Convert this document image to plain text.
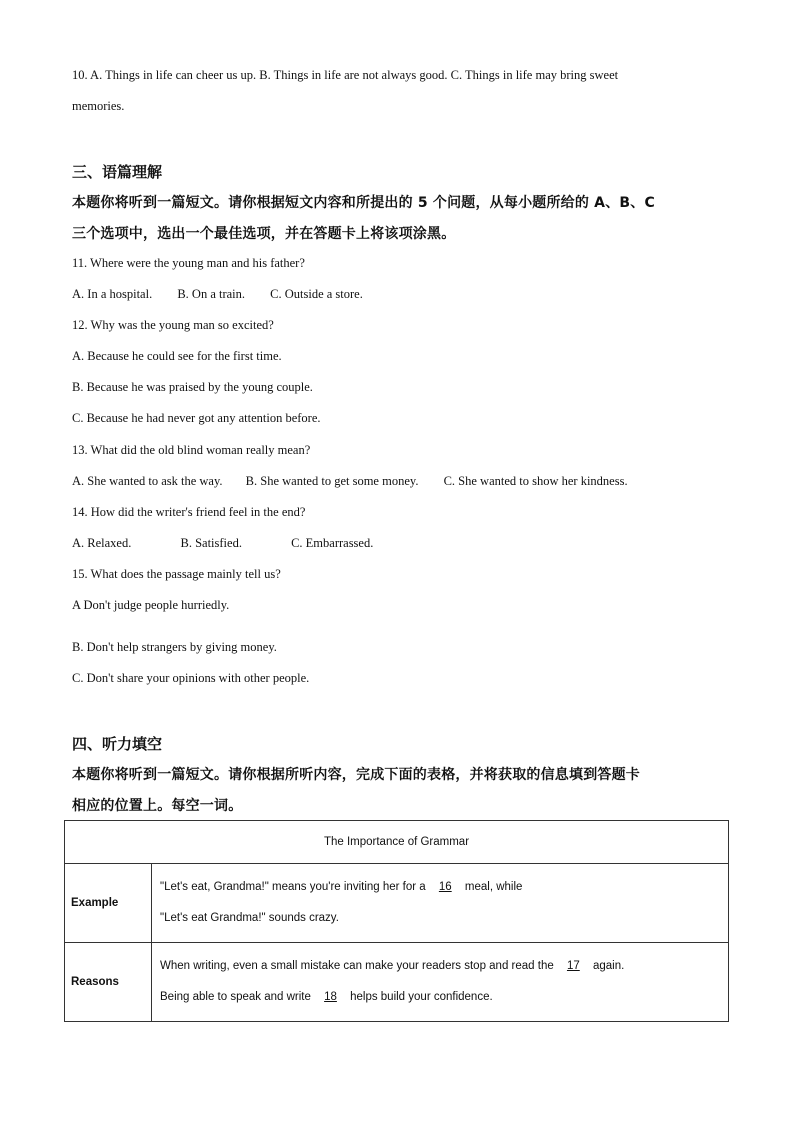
10. A. Things in life can cheer us up. B. Things in life are not always good. C. Things in life may bring sweet
memories.
三、语篇理解
本题你将听到一篇短文。请你根据短文内容和所提出的 5 个问题，从每小题所给的 A、B、C
三个选项中，选出一个最佳选项，并在答题卡上将该项涂黑。
11. Where were the young man and his father?
A. In a hospital. B. On a train. C. Outside a store.
12. Why was the young man so excited?
A. Because he could see for the first time.
B. Because he was praised by the young couple.
C. Because he had never got any attention before.
13. What did the old blind woman really mean?
A. She wanted to ask the way. B. She wanted to get some money. C. She wanted to show her kindness.
14. How did the writer's friend feel in the end?
A. Relaxed.	B. Satisfied.	C. Embarrassed.
15. What does the passage mainly tell us?
A Don't judge people hurriedly.
B. Don't help strangers by giving money.
C. Don't share your opinions with other people.
四、听力填空
本题你将听到一篇短文。请你根据所听内容，完成下面的表格，并将获取的信息填到答题卡
相应的位置上。每空一词。
The Importance of Grammar	
Example	"Let's eat, Grandma!" means you're inviting her for a 16 meal, while
"Let's eat Grandma!" sounds crazy.

Reasons	When writing, even a small mistake can make your readers stop and read the 17 again.
Being able to speak and write 18 helps build your confidence.
